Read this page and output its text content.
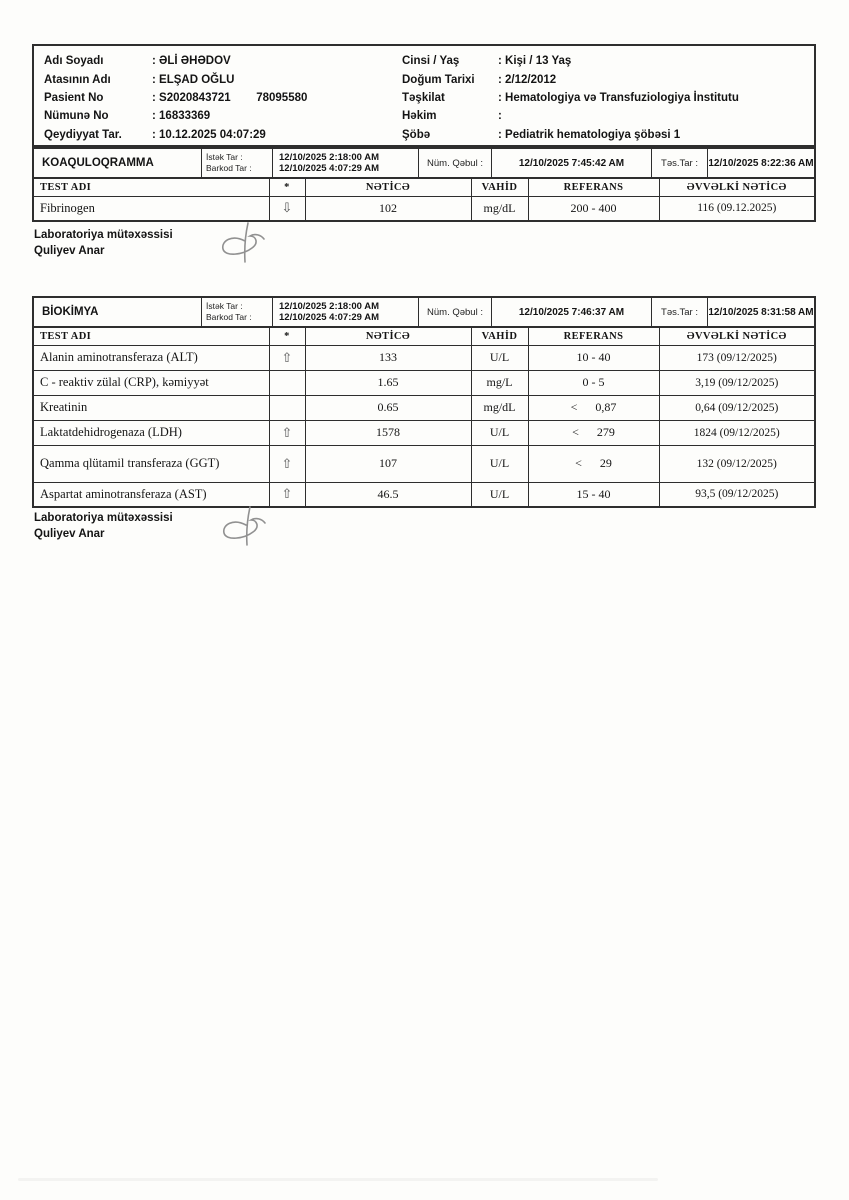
Adı Soyadı	: ƏLİ ƏHƏDOV	Cinsi / Yaş	: Kişi / 13 Yaş
Atasının Adı	: ELŞAD OĞLU	Doğum Tarixi	: 2/12/2012
Pasient No	: S2020843721        78095580	Təşkilat	: Hematologiya və Transfuziologiya İnstitutu
Nümunə No	: 16833369	Həkim	:
Qeydiyyat Tar.	: 10.12.2025 04:07:29	Şöbə	: Pediatrik hematologiya şöbəsi 1
KOAQULOQRAMMA	İstək Tar :
Barkod Tar :
12/10/2025 2:18:00 AM
12/10/2025 4:07:29 AM	Nüm. Qəbul :	12/10/2025 7:45:42 AM	Təs.Tar :	12/10/2025 8:22:36 AM
TEST ADI	*	NƏTİCƏ	VAHİD	REFERANS	ƏVVƏLKİ NƏTİCƏ
Fibrinogen	⇩	102	mg/dL	200 - 400	116 (09.12.2025)
Laboratoriya mütəxəssisi
Quliyev Anar
BİOKİMYA	İstək Tar :
Barkod Tar :
12/10/2025 2:18:00 AM
12/10/2025 4:07:29 AM	Nüm. Qəbul :	12/10/2025 7:46:37 AM	Təs.Tar :	12/10/2025 8:31:58 AM
TEST ADI	*	NƏTİCƏ	VAHİD	REFERANS	ƏVVƏLKİ NƏTİCƏ
Alanin aminotransferaza (ALT)	⇧	133	U/L	10 - 40	173 (09/12/2025)
C - reaktiv zülal (CRP), kəmiyyət		1.65	mg/L	0 - 5	3,19 (09/12/2025)
Kreatinin		0.65	mg/dL	<      0,87	0,64 (09/12/2025)
Laktatdehidrogenaza (LDH)	⇧	1578	U/L	<      279	1824 (09/12/2025)
Qamma qlütamil transferaza (GGT)	⇧	107	U/L	<      29	132 (09/12/2025)
Aspartat aminotransferaza (AST)	⇧	46.5	U/L	15 - 40	93,5 (09/12/2025)
Laboratoriya mütəxəssisi
Quliyev Anar
